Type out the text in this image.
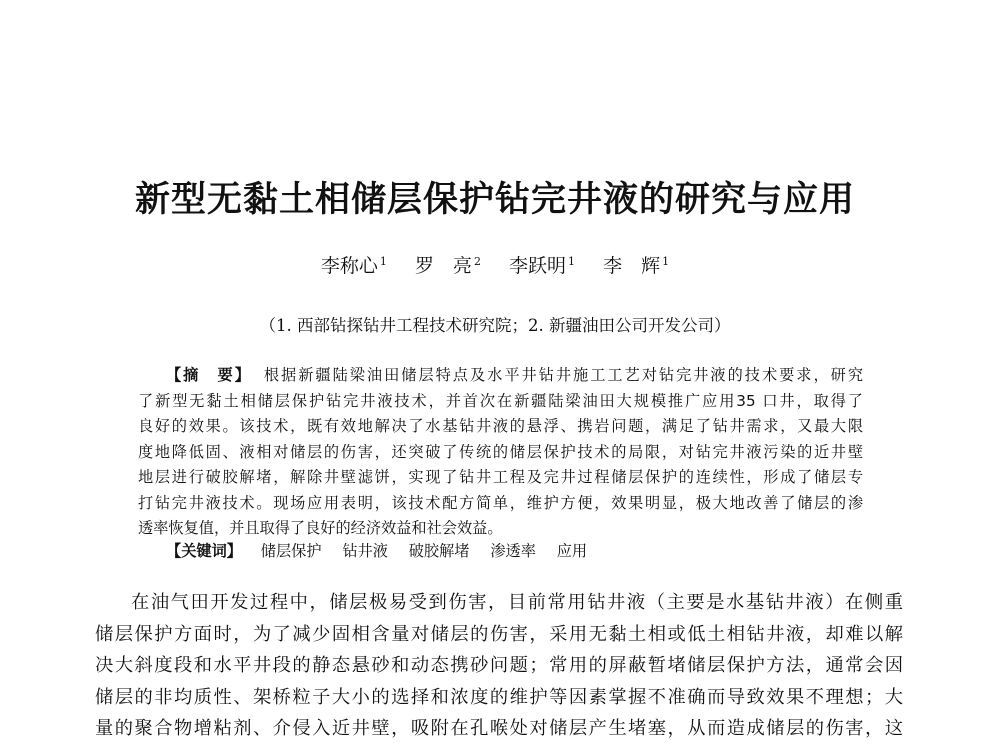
新型无黏土相储层保护钻完井液的研究与应用
李称心 $^1$ 罗　亮 $^2$ 李跃明 $^1$ 李　辉 $^1$
（1. 西部钻探钻井工程技术研究院；2. 新疆油田公司开发公司）
【摘　要】 根据新疆陆梁油田储层特点及水平井钻井施工工艺对钻完井液的技术要求，研究
了新型无黏土相储层保护钻完井液技术，并首次在新疆陆梁油田大规模推广应用35 口井，取得了
良好的效果。该技术，既有效地解决了水基钻井液的悬浮、携岩问题，满足了钻井需求，又最大限
度地降低固、液相对储层的伤害，还突破了传统的储层保护技术的局限，对钻完井液污染的近井壁
地层进行破胶解堵，解除井壁滤饼，实现了钻井工程及完井过程储层保护的连续性，形成了储层专
打钻完井液技术。现场应用表明，该技术配方简单，维护方便，效果明显，极大地改善了储层的渗
透率恢复值，并且取得了良好的经济效益和社会效益。
【关键词】 储层保护 钻井液 破胶解堵 渗透率 应用
在油气田开发过程中，储层极易受到伤害，目前常用钻井液（主要是水基钻井液）在侧重
储层保护方面时，为了减少固相含量对储层的伤害，采用无黏土相或低土相钻井液，却难以解
决大斜度段和水平井段的静态悬砂和动态携砂问题；常用的屏蔽暂堵储层保护方法，通常会因
储层的非均质性、架桥粒子大小的选择和浓度的维护等因素掌握不准确而导致效果不理想；大
量的聚合物增粘剂、介侵入近井壁，吸附在孔喉处对储层产生堵塞，从而造成储层的伤害，这
